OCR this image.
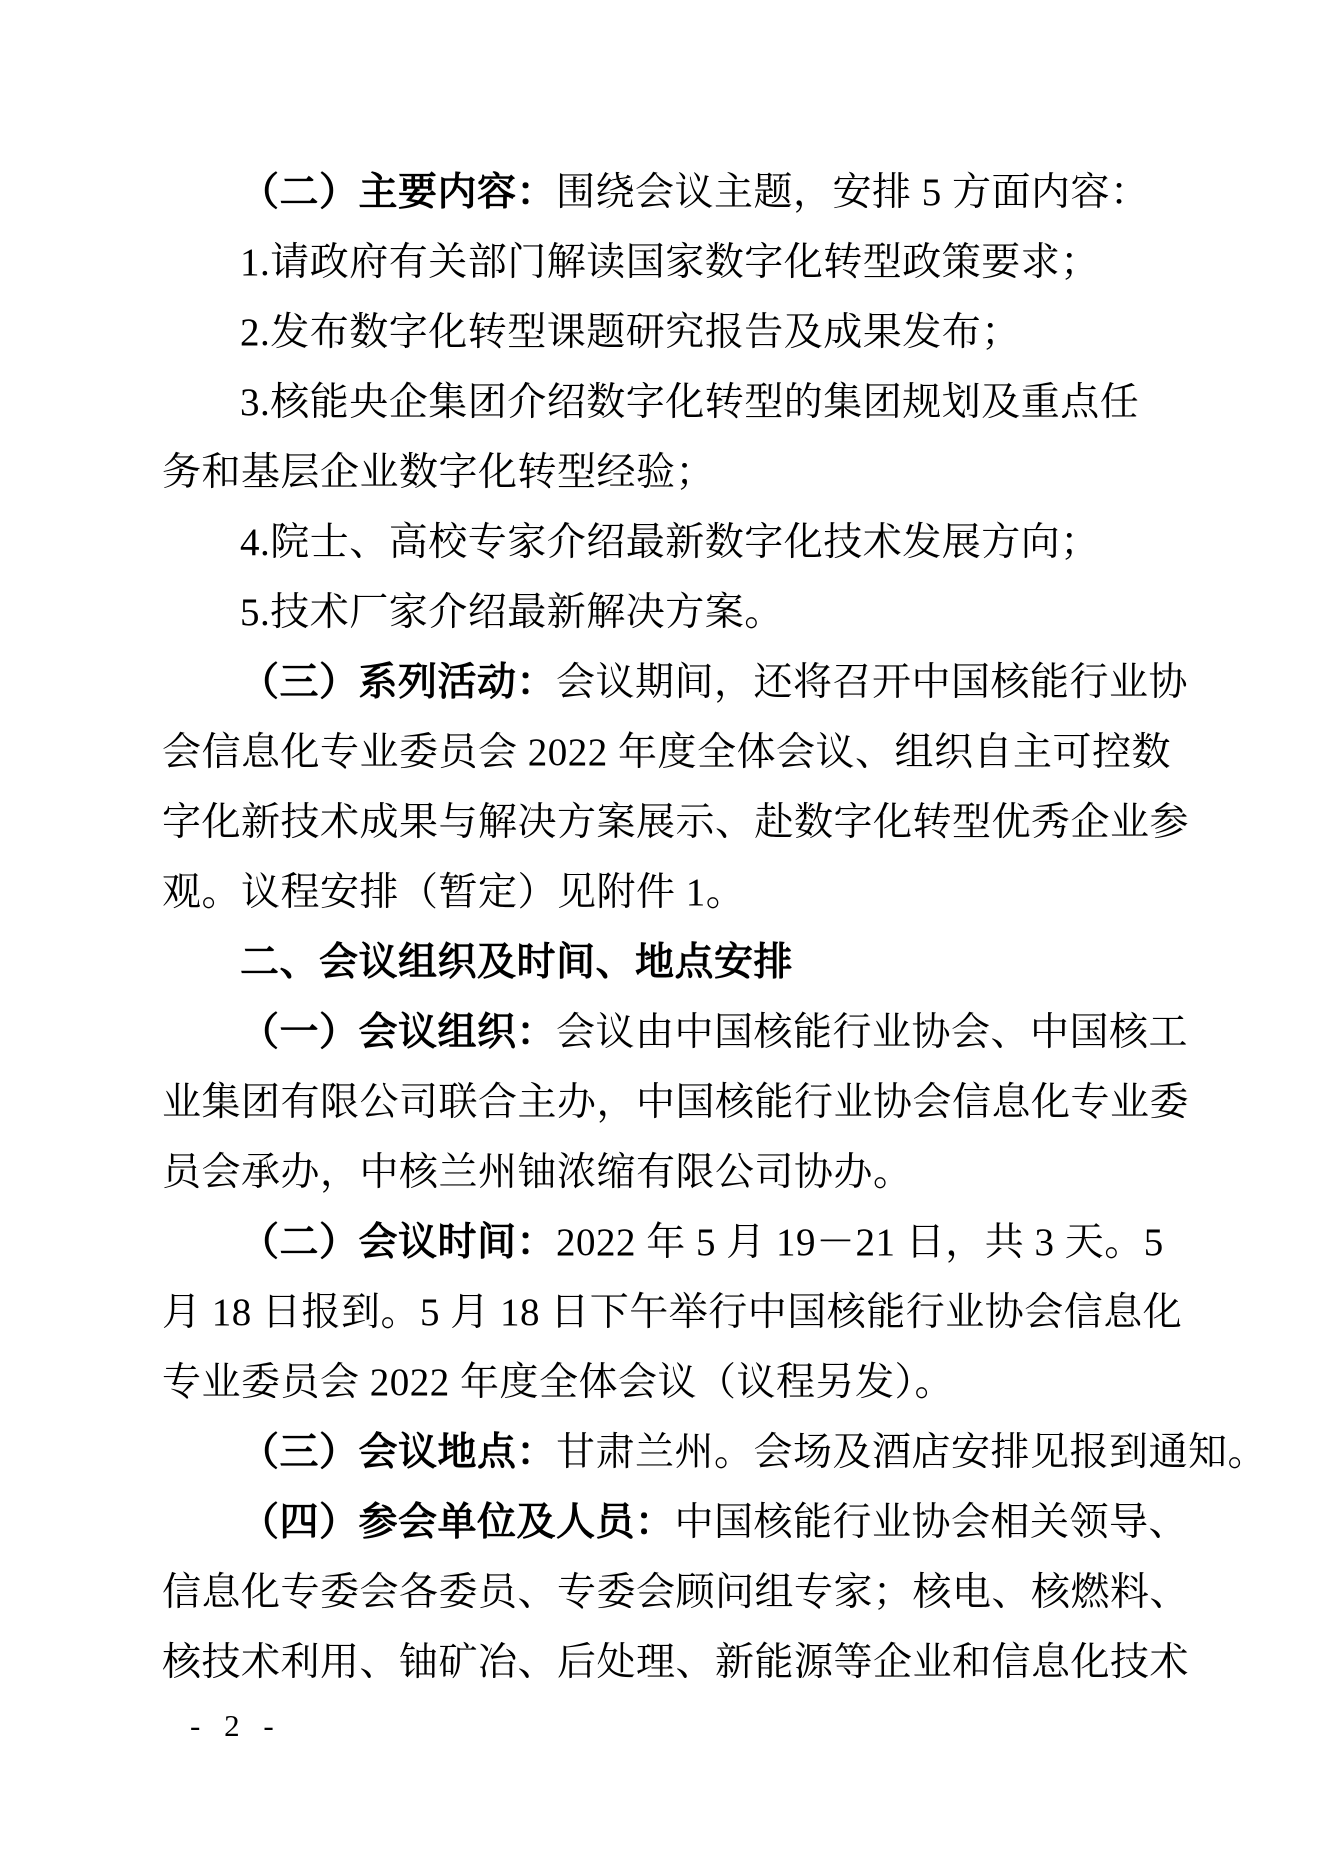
（二）主要内容：围绕会议主题，安排 5 方面内容：
1.请政府有关部门解读国家数字化转型政策要求；
2.发布数字化转型课题研究报告及成果发布；
3.核能央企集团介绍数字化转型的集团规划及重点任
务和基层企业数字化转型经验；
4.院士、高校专家介绍最新数字化技术发展方向；
5.技术厂家介绍最新解决方案。
（三）系列活动：会议期间，还将召开中国核能行业协
会信息化专业委员会 2022 年度全体会议、组织自主可控数
字化新技术成果与解决方案展示、赴数字化转型优秀企业参
观。议程安排（暂定）见附件 1。
二、会议组织及时间、地点安排
（一）会议组织：会议由中国核能行业协会、中国核工
业集团有限公司联合主办，中国核能行业协会信息化专业委
员会承办，中核兰州铀浓缩有限公司协办。
（二）会议时间：2022 年 5 月 19－21 日，共 3 天。5
月 18 日报到。5 月 18 日下午举行中国核能行业协会信息化
专业委员会 2022 年度全体会议（议程另发）。
（三）会议地点：甘肃兰州。会场及酒店安排见报到通知。
（四）参会单位及人员：中国核能行业协会相关领导、
信息化专委会各委员、专委会顾问组专家；核电、核燃料、
核技术利用、铀矿冶、后处理、新能源等企业和信息化技术
- 2 -
